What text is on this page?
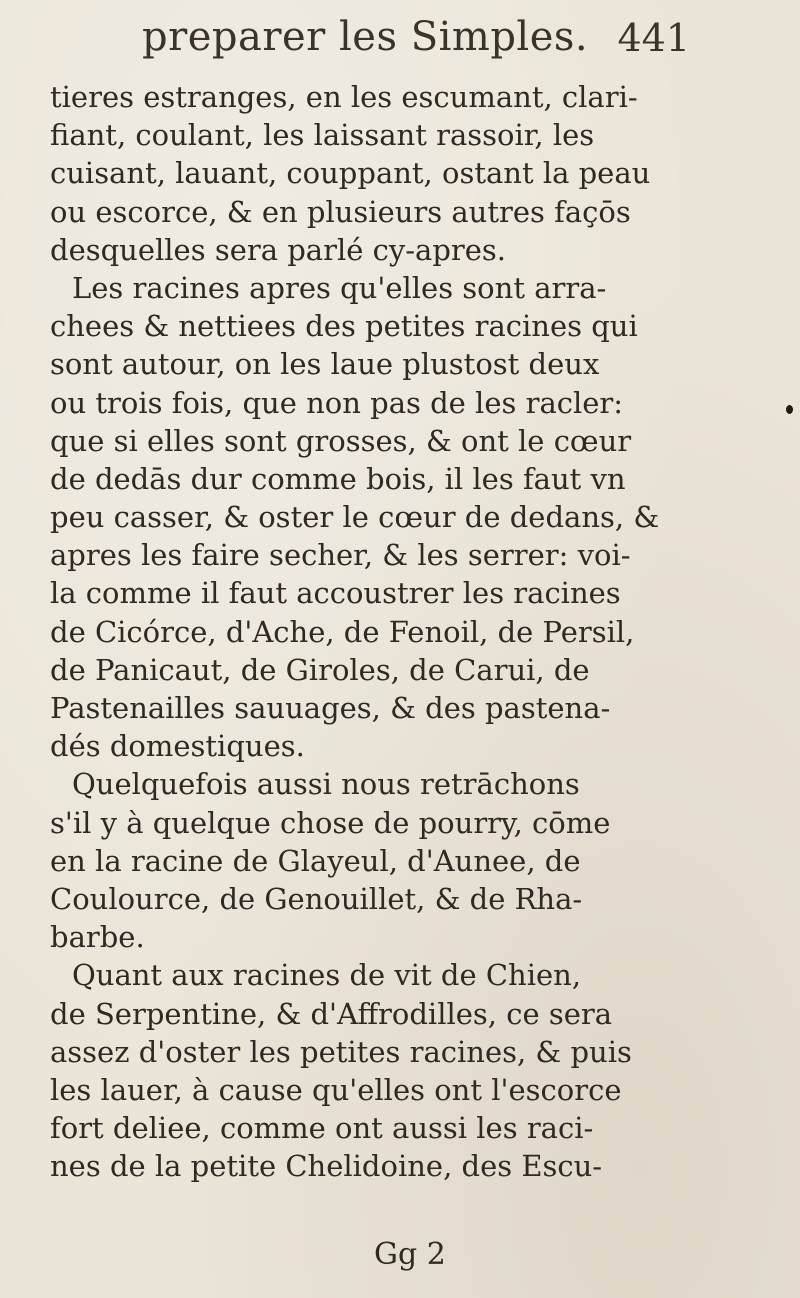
preparer les Simples. 441
tieres estranges, en les escumant, clari-
fiant, coulant, les laissant rassoir, les
cuisant, lauant, couppant, ostant la peau
ou escorce, & en plusieurs autres façōs
desquelles sera parlé cy-apres.
Les racines apres qu'elles sont arra-
chees & nettiees des petites racines qui
sont autour, on les laue plustost deux
ou trois fois, que non pas de les racler:
que si elles sont grosses, & ont le cœur
de dedās dur comme bois, il les faut vn
peu casser, & oster le cœur de dedans, &
apres les faire secher, & les serrer: voi-
la comme il faut accoustrer les racines
de Cicórce, d'Ache, de Fenoil, de Persil,
de Panicaut, de Giroles, de Carui, de
Pastenailles sauuages, & des pastena-
dés domestiques.
Quelquefois aussi nous retrāchons
s'il y à quelque chose de pourry, cōme
en la racine de Glayeul, d'Aunee, de
Coulource, de Genouillet, & de Rha-
barbe.
Quant aux racines de vit de Chien,
de Serpentine, & d'Affrodilles, ce sera
assez d'oster les petites racines, & puis
les lauer, à cause qu'elles ont l'escorce
fort deliee, comme ont aussi les raci-
nes de la petite Chelidoine, des Escu-
Gg 2
